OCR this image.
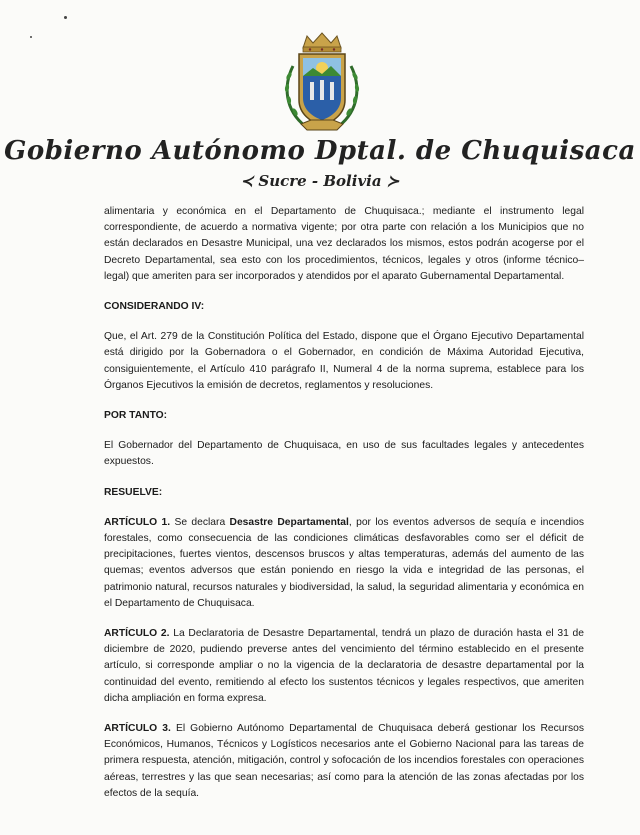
Gobierno Autónomo Dptal. de Chuquisaca
≺ Sucre - Bolivia ≻

alimentaria y económica en el Departamento de Chuquisaca.; mediante el instrumento legal correspondiente, de acuerdo a normativa vigente; por otra parte con relación a los Municipios que no están declarados en Desastre Municipal, una vez declarados los mismos, estos podrán acogerse por el Decreto Departamental, sea esto con los procedimientos, técnicos, legales y otros (informe técnico–legal) que ameriten para ser incorporados y atendidos por el aparato Gubernamental Departamental.

CONSIDERANDO IV:

Que, el Art. 279 de la Constitución Política del Estado, dispone que el Órgano Ejecutivo Departamental está dirigido por la Gobernadora o el Gobernador, en condición de Máxima Autoridad Ejecutiva, consiguientemente, el Artículo 410 parágrafo II, Numeral 4 de la norma suprema, establece para los Órganos Ejecutivos la emisión de decretos, reglamentos y resoluciones.

POR TANTO:

El Gobernador del Departamento de Chuquisaca, en uso de sus facultades legales y antecedentes expuestos.

RESUELVE:

ARTÍCULO 1. Se declara Desastre Departamental, por los eventos adversos de sequía e incendios forestales, como consecuencia de las condiciones climáticas desfavorables como ser el déficit de precipitaciones, fuertes vientos, descensos bruscos y altas temperaturas, además del aumento de las quemas; eventos adversos que están poniendo en riesgo la vida e integridad de las personas, el patrimonio natural, recursos naturales y biodiversidad, la salud, la seguridad alimentaria y económica en el Departamento de Chuquisaca.

ARTÍCULO 2. La Declaratoria de Desastre Departamental, tendrá un plazo de duración hasta el 31 de diciembre de 2020, pudiendo preverse antes del vencimiento del término establecido en el presente artículo, si corresponde ampliar o no la vigencia de la declaratoria de desastre departamental por la continuidad del evento, remitiendo al efecto los sustentos técnicos y legales respectivos, que ameriten dicha ampliación en forma expresa.

ARTÍCULO 3. El Gobierno Autónomo Departamental de Chuquisaca deberá gestionar los Recursos Económicos, Humanos, Técnicos y Logísticos necesarios ante el Gobierno Nacional para las tareas de primera respuesta, atención, mitigación, control y sofocación de los incendios forestales con operaciones aéreas, terrestres y las que sean necesarias; así como para la atención de las zonas afectadas por los efectos de la sequía.
